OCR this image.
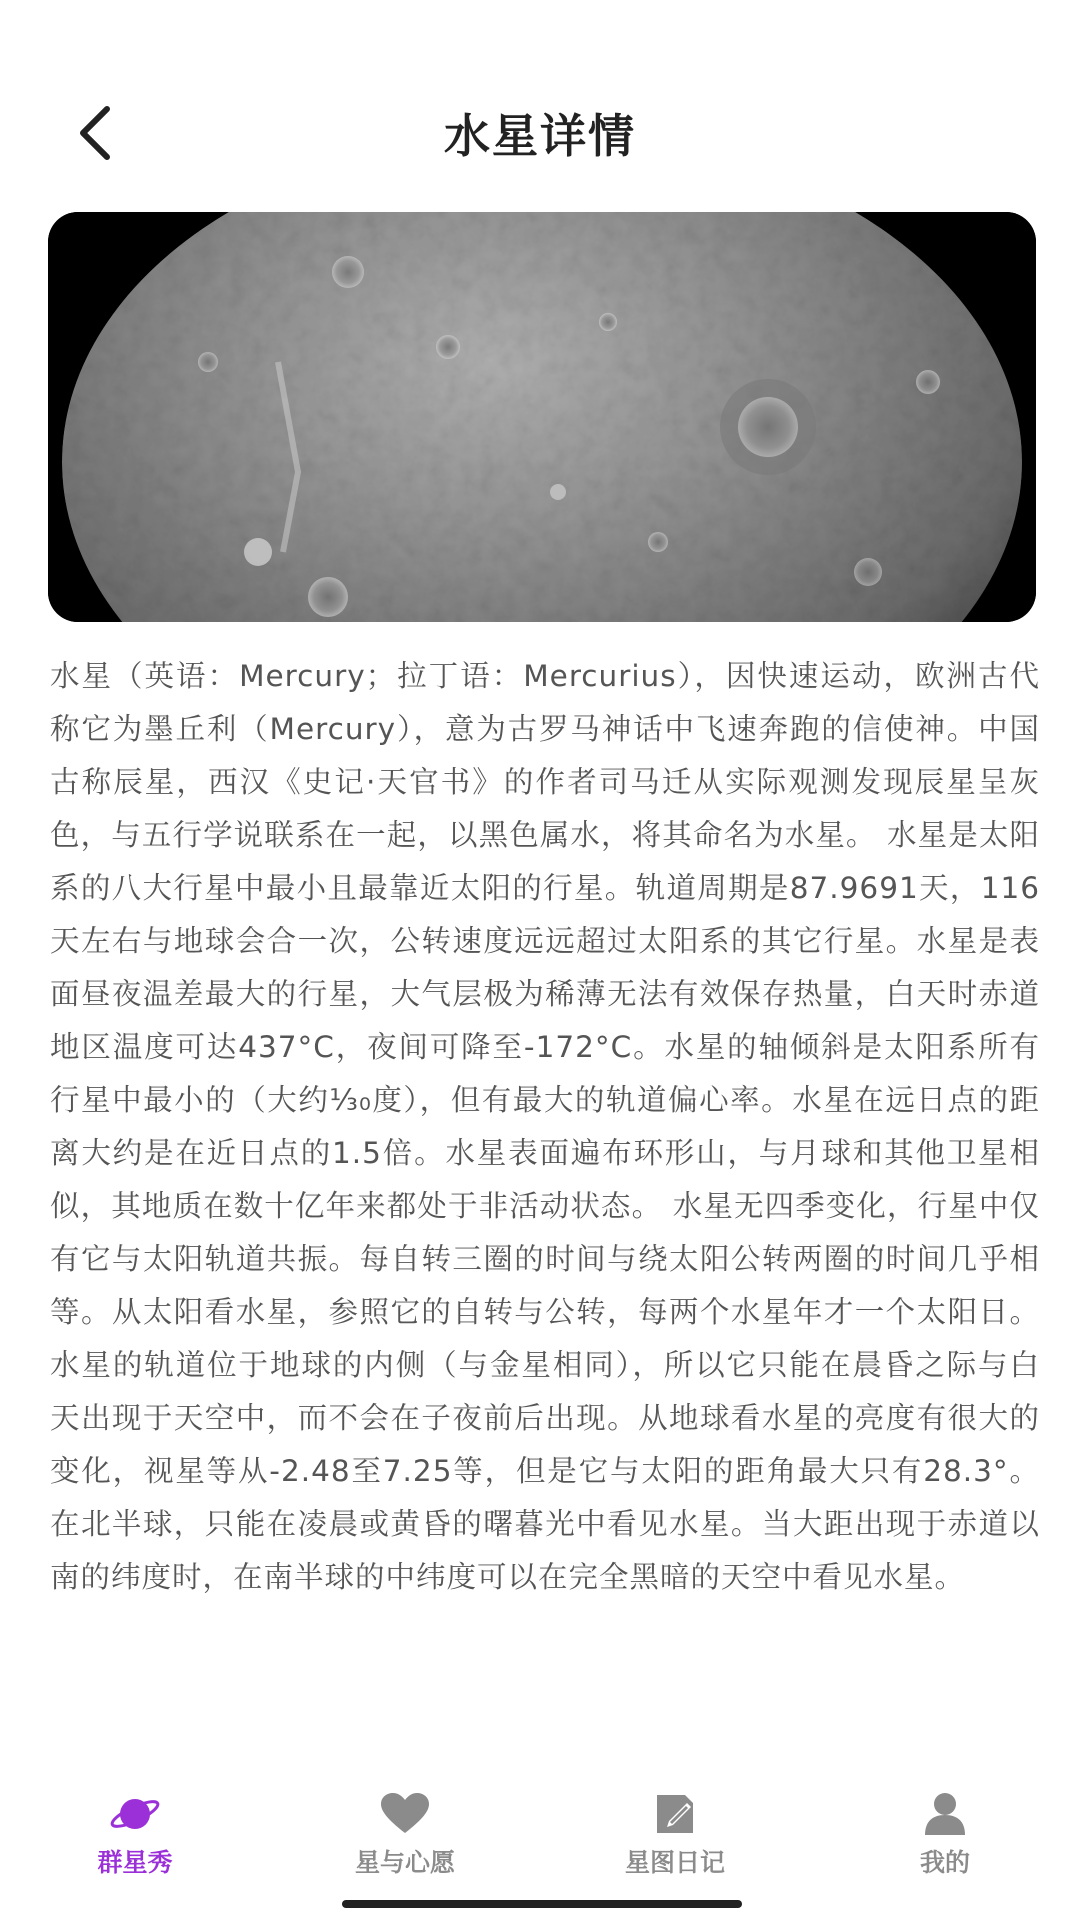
水星详情
水星（英语：Mercury；拉丁语：Mercurius），因快速运动，欧洲古代称它为墨丘利（Mercury），意为古罗马神话中飞速奔跑的信使神。中国古称辰星，西汉《史记·天官书》的作者司马迁从实际观测发现辰星呈灰色，与五行学说联系在一起，以黑色属水，将其命名为水星。 水星是太阳系的八大行星中最小且最靠近太阳的行星。轨道周期是87.9691天，116天左右与地球会合一次，公转速度远远超过太阳系的其它行星。水星是表面昼夜温差最大的行星，大气层极为稀薄无法有效保存热量，白天时赤道地区温度可达437°C，夜间可降至-172°C。水星的轴倾斜是太阳系所有行星中最小的（大约⅓₀度），但有最大的轨道偏心率。水星在远日点的距离大约是在近日点的1.5倍。水星表面遍布环形山，与月球和其他卫星相似，其地质在数十亿年来都处于非活动状态。 水星无四季变化，行星中仅有它与太阳轨道共振。每自转三圈的时间与绕太阳公转两圈的时间几乎相等。从太阳看水星，参照它的自转与公转，每两个水星年才一个太阳日。 水星的轨道位于地球的内侧（与金星相同），所以它只能在晨昏之际与白天出现于天空中，而不会在子夜前后出现。从地球看水星的亮度有很大的变化，视星等从-2.48至7.25等，但是它与太阳的距角最大只有28.3°。在北半球，只能在凌晨或黄昏的曙暮光中看见水星。当大距出现于赤道以南的纬度时，在南半球的中纬度可以在完全黑暗的天空中看见水星。
群星秀	星与心愿	星图日记	我的
